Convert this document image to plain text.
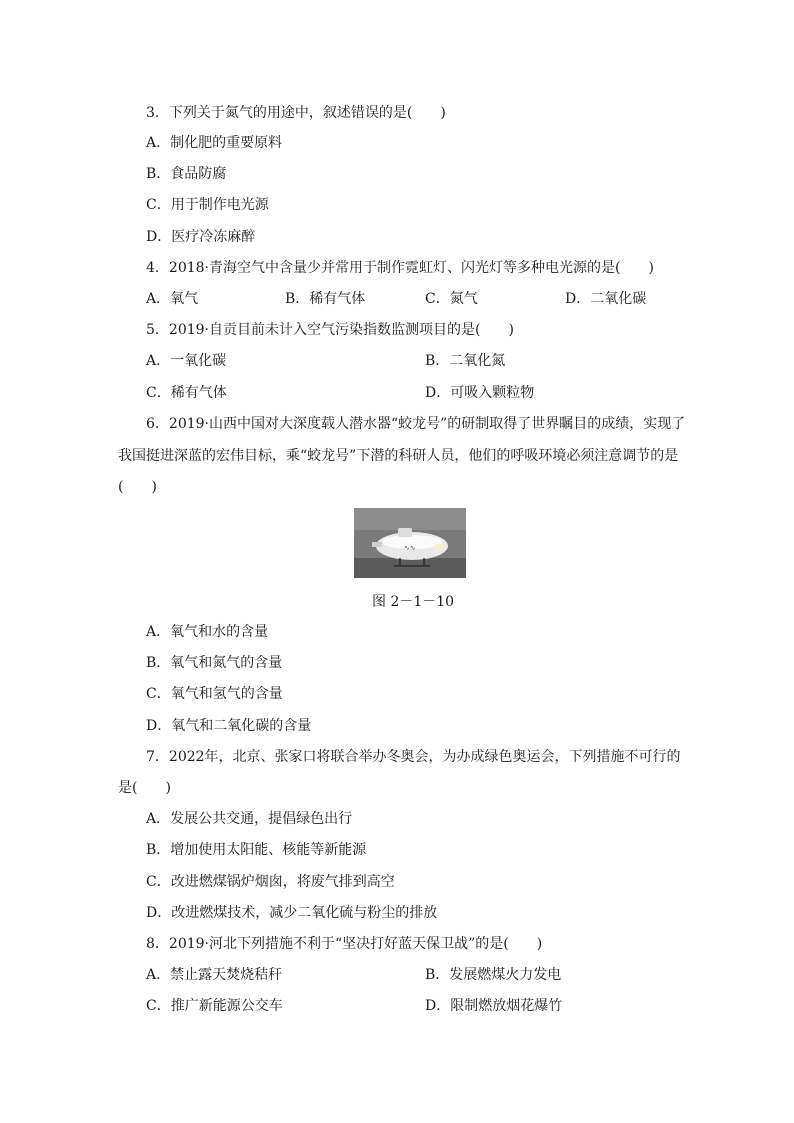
3．下列关于氮气的用途中，叙述错误的是(　　)
A．制化肥的重要原料
B．食品防腐
C．用于制作电光源
D．医疗冷冻麻醉
4．2018·青海空气中含量少并常用于制作霓虹灯、闪光灯等多种电光源的是(　　)
A．氧气	B．稀有气体	C．氮气	D．二氧化碳
5．2019·自贡目前未计入空气污染指数监测项目的是(　　)
A．一氧化碳	B．二氧化氮
C．稀有气体	D．可吸入颗粒物
6．2019·山西中国对大深度载人潜水器“蛟龙号”的研制取得了世界瞩目的成绩，实现了
我国挺进深蓝的宏伟目标，乘“蛟龙号”下潜的科研人员，他们的呼吸环境必须注意调节的是
(　　)
∿∿
图 2－1－10
A．氧气和水的含量
B．氧气和氮气的含量
C．氧气和氢气的含量
D．氧气和二氧化碳的含量
7．2022年，北京、张家口将联合举办冬奥会，为办成绿色奥运会，下列措施不可行的
是(　　)
A．发展公共交通，提倡绿色出行
B．增加使用太阳能、核能等新能源
C．改进燃煤锅炉烟囱，将废气排到高空
D．改进燃煤技术，减少二氧化硫与粉尘的排放
8．2019·河北下列措施不利于“坚决打好蓝天保卫战”的是(　　)
A．禁止露天焚烧秸秆	B．发展燃煤火力发电
C．推广新能源公交车	D．限制燃放烟花爆竹
